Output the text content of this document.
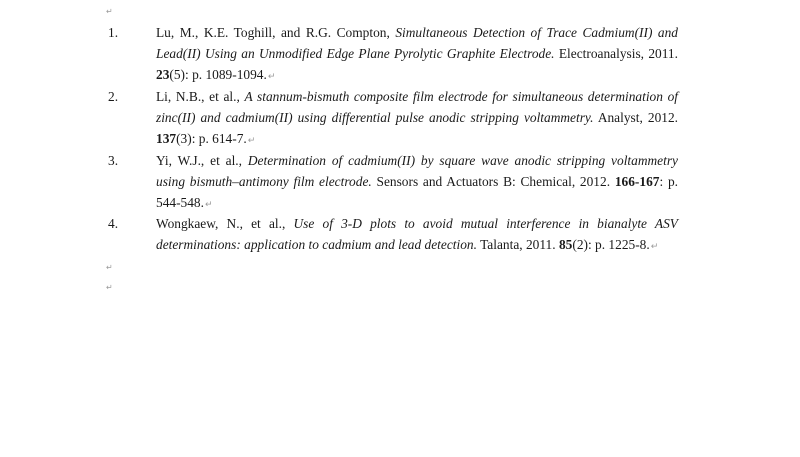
↵
1.	Lu, M., K.E. Toghill, and R.G. Compton, Simultaneous Detection of Trace Cadmium(II) and Lead(II) Using an Unmodified Edge Plane Pyrolytic Graphite Electrode. Electroanalysis, 2011. 23(5): p. 1089-1094.↵
2.	Li, N.B., et al., A stannum-bismuth composite film electrode for simultaneous determination of zinc(II) and cadmium(II) using differential pulse anodic stripping voltammetry. Analyst, 2012. 137(3): p. 614-7.↵
3.	Yi, W.J., et al., Determination of cadmium(II) by square wave anodic stripping voltammetry using bismuth–antimony film electrode. Sensors and Actuators B: Chemical, 2012. 166-167: p. 544-548.↵
4.	Wongkaew, N., et al., Use of 3-D plots to avoid mutual interference in bianalyte ASV determinations: application to cadmium and lead detection. Talanta, 2011. 85(2): p. 1225-8.↵
↵
↵
